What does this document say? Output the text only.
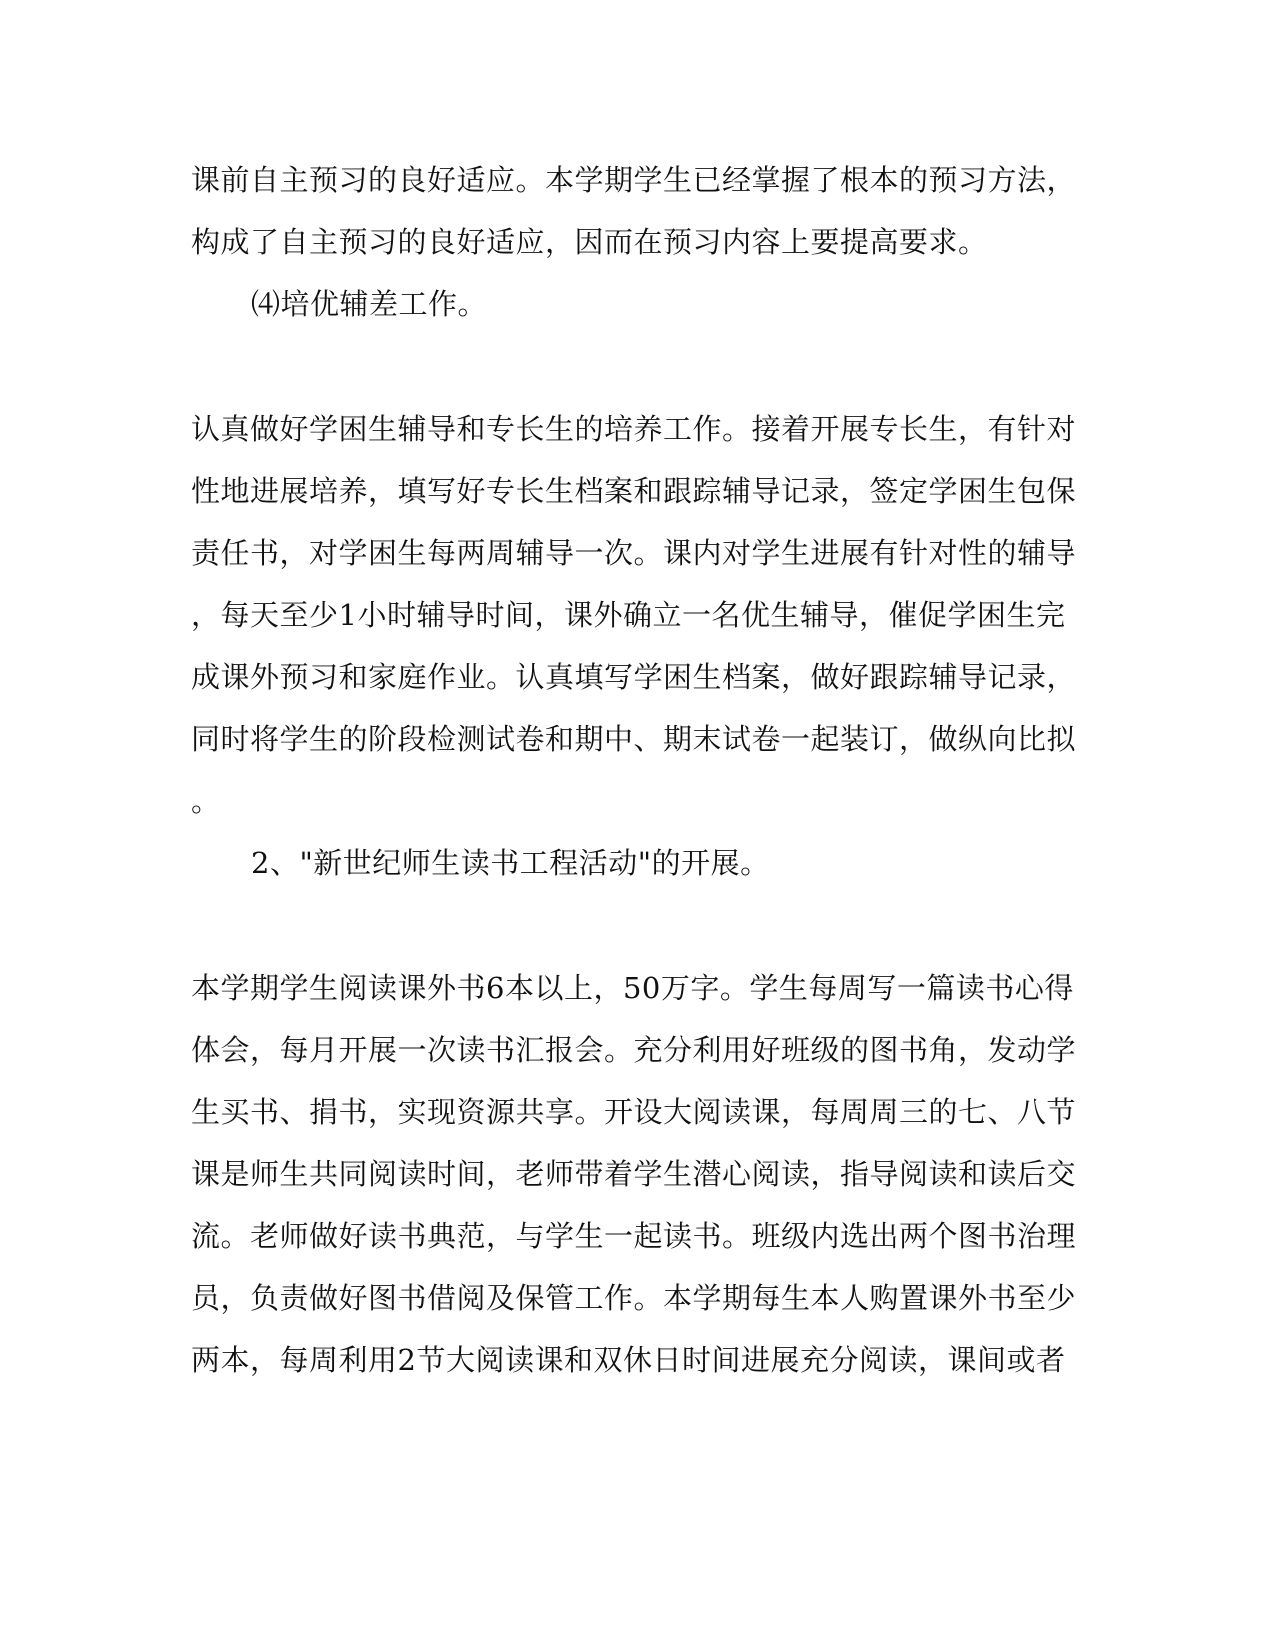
课前自主预习的良好适应。本学期学生已经掌握了根本的预习方法，
构成了自主预习的良好适应，因而在预习内容上要提高要求。
⑷培优辅差工作。
认真做好学困生辅导和专长生的培养工作。接着开展专长生，有针对
性地进展培养，填写好专长生档案和跟踪辅导记录，签定学困生包保
责任书，对学困生每两周辅导一次。课内对学生进展有针对性的辅导
，每天至少1小时辅导时间，课外确立一名优生辅导，催促学困生完
成课外预习和家庭作业。认真填写学困生档案，做好跟踪辅导记录，
同时将学生的阶段检测试卷和期中、期末试卷一起装订，做纵向比拟
。
2、"新世纪师生读书工程活动"的开展。
本学期学生阅读课外书6本以上，50万字。学生每周写一篇读书心得
体会，每月开展一次读书汇报会。充分利用好班级的图书角，发动学
生买书、捐书，实现资源共享。开设大阅读课，每周周三的七、八节
课是师生共同阅读时间，老师带着学生潜心阅读，指导阅读和读后交
流。老师做好读书典范，与学生一起读书。班级内选出两个图书治理
员，负责做好图书借阅及保管工作。本学期每生本人购置课外书至少
两本，每周利用2节大阅读课和双休日时间进展充分阅读，课间或者
